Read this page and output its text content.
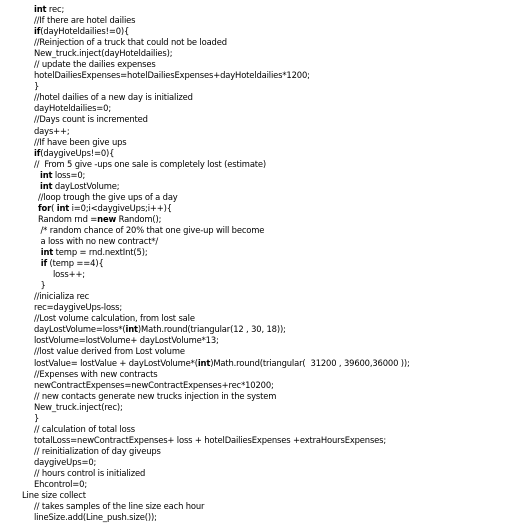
int rec;
//If there are hotel dailies
if(dayHoteldailies!=0){
//Reinjection of a truck that could not be loaded
New_truck.inject(dayHoteldailies);
// update the dailies expenses
hotelDailiesExpenses=hotelDailiesExpenses+dayHoteldailies*1200;
}
//hotel dailies of a new day is initialized
dayHoteldailies=0;
//Days count is incremented
days++;
//If have been give ups
if(daygiveUps!=0){
//  From 5 give -ups one sale is completely lost (estimate)
int loss=0;
int dayLostVolume;
//loop trough the give ups of a day
for( int i=0;i<daygiveUps;i++){
Random rnd =new Random();
/* random chance of 20% that one give-up will become
a loss with no new contract*/
int temp = rnd.nextInt(5);
if (temp ==4){
loss++;
}
//inicializa rec
rec=daygiveUps-loss;
//Lost volume calculation, from lost sale
dayLostVolume=loss*(int)Math.round(triangular(12 , 30, 18));
lostVolume=lostVolume+ dayLostVolume*13;
//lost value derived from Lost volume
lostValue= lostValue + dayLostVolume*(int)Math.round(triangular(  31200 , 39600,36000 ));
//Expenses with new contracts
newContractExpenses=newContractExpenses+rec*10200;
// new contacts generate new trucks injection in the system
New_truck.inject(rec);
}
// calculation of total loss
totalLoss=newContractExpenses+ loss + hotelDailiesExpenses +extraHoursExpenses;
// reinitialization of day giveups
daygiveUps=0;
// hours control is initialized
Ehcontrol=0;
Line size collect
// takes samples of the line size each hour
lineSize.add(Line_push.size());
